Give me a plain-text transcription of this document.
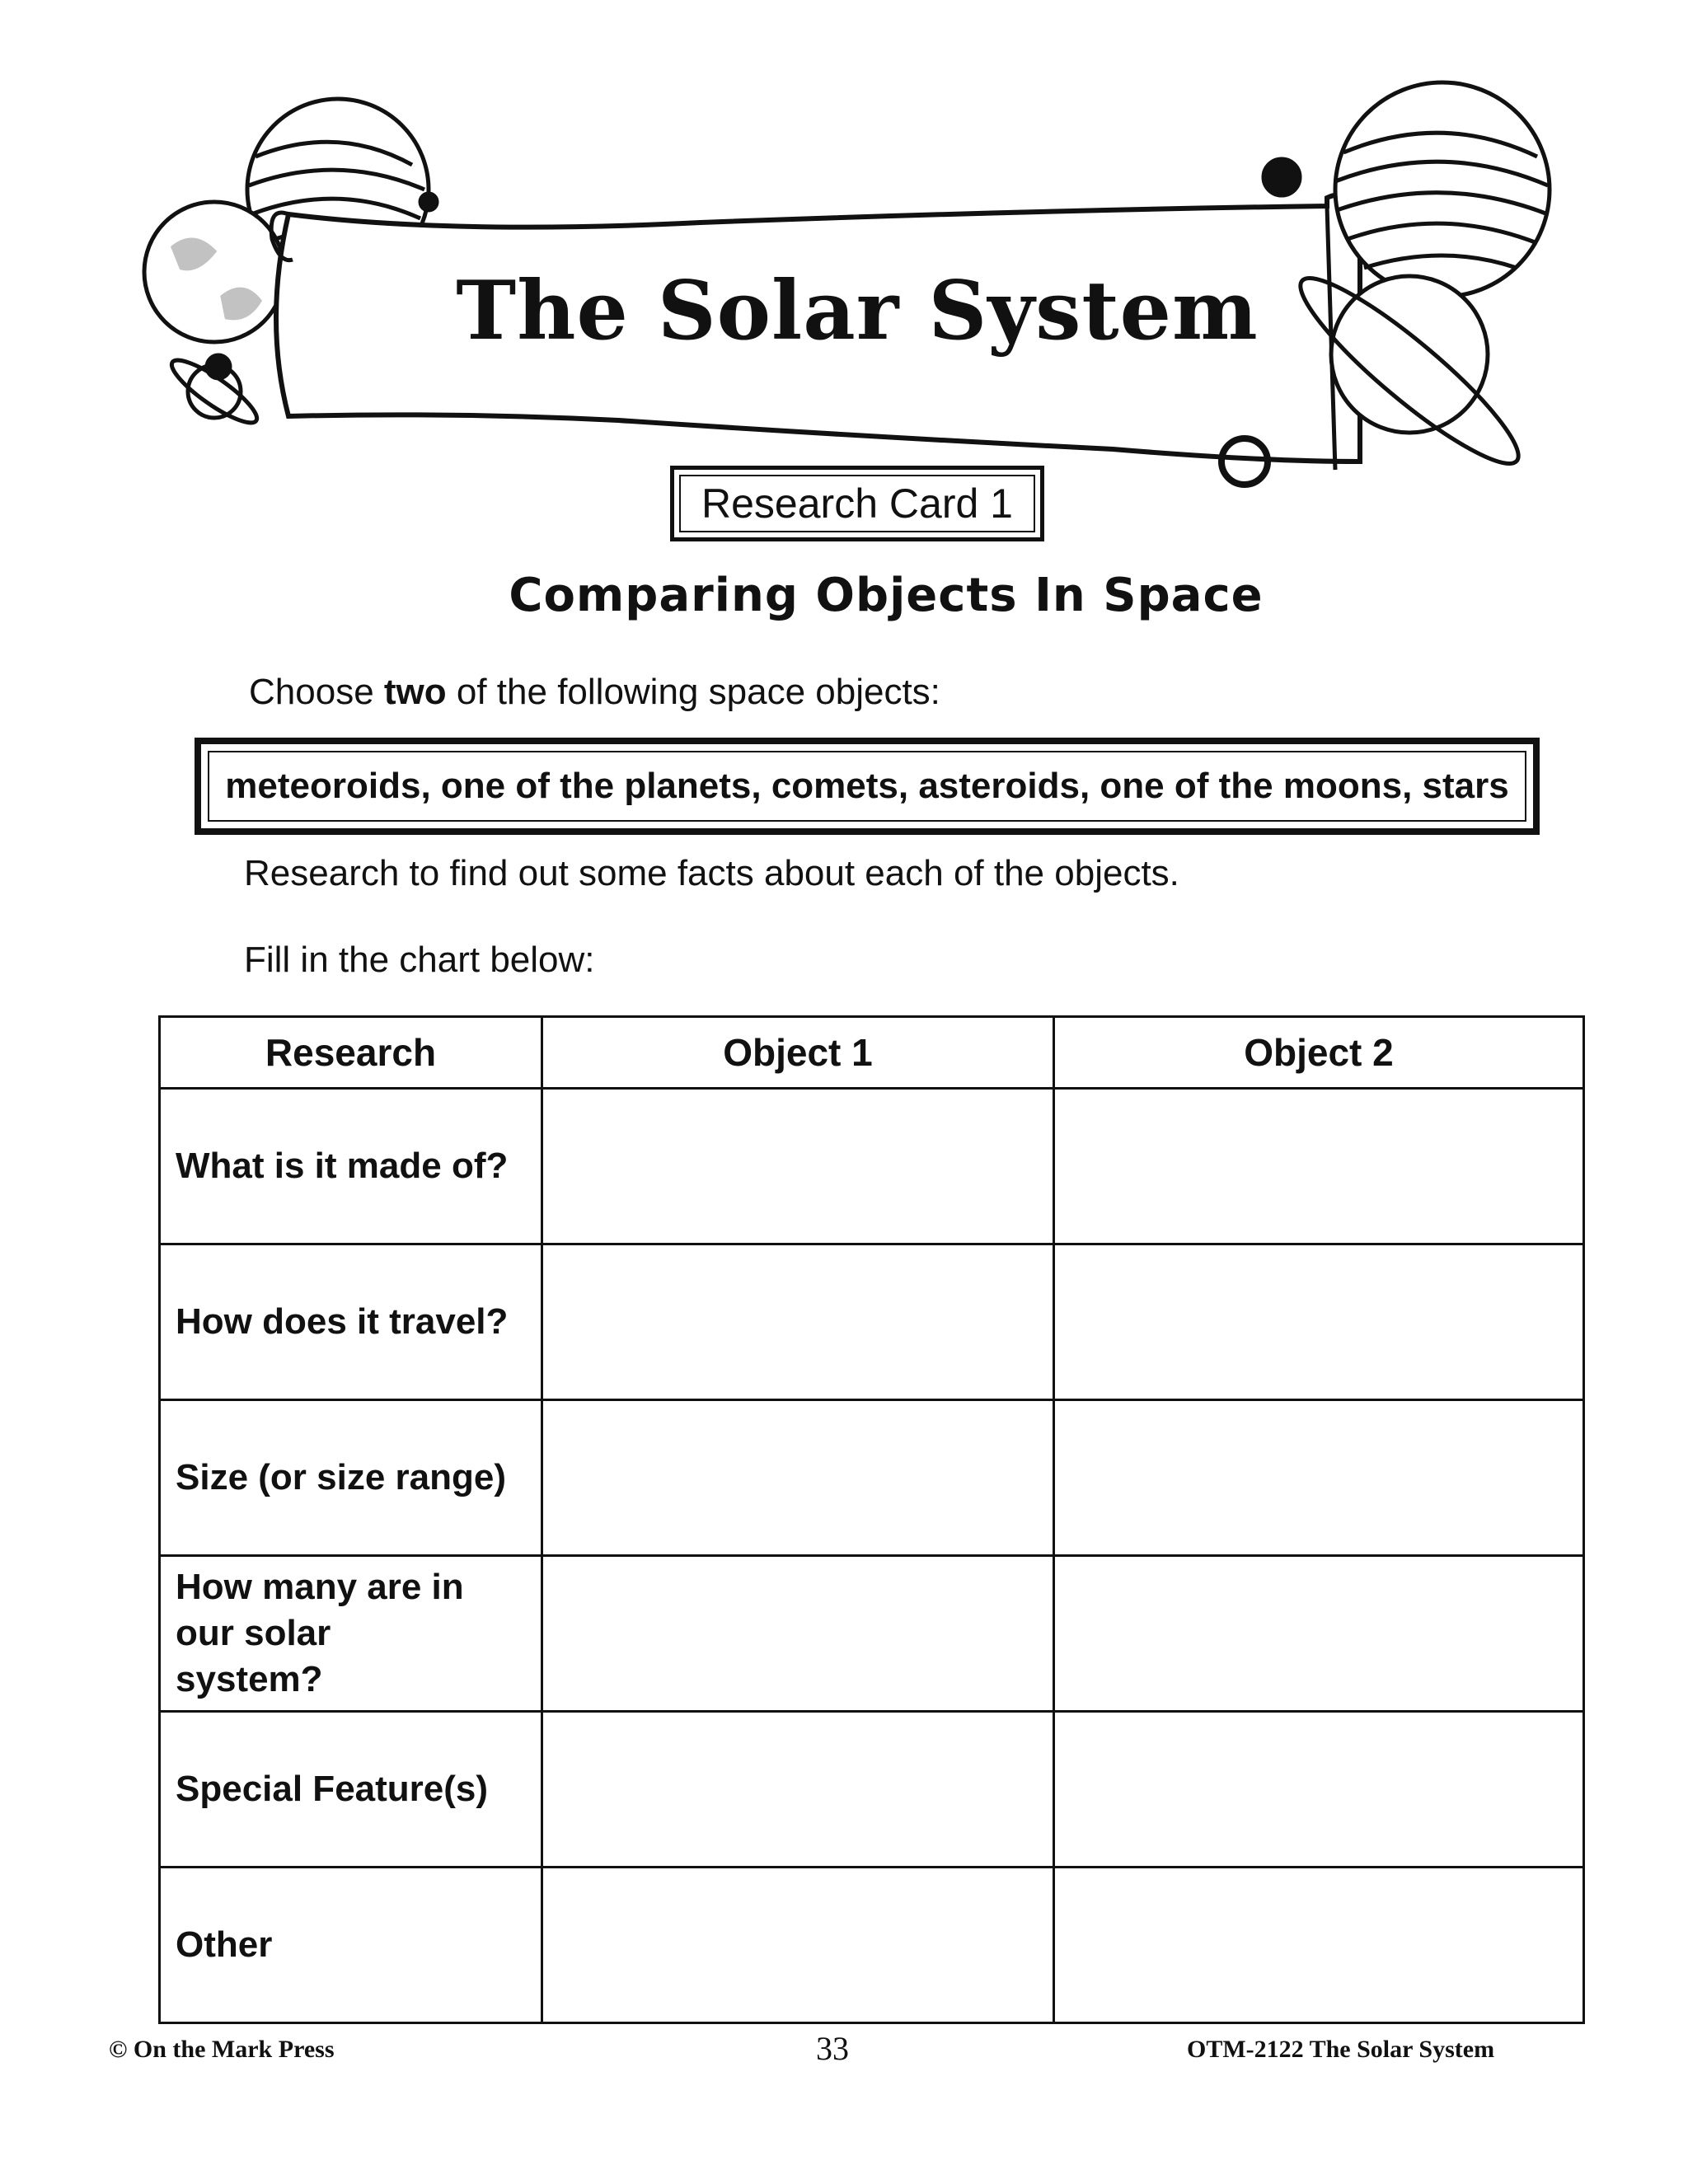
The Solar System
Research Card 1
Comparing Objects In Space
Choose two of the following space objects:
meteoroids, one of the planets, comets, asteroids, one of the moons, stars
Research to find out some facts about each of the objects.
Fill in the chart below:
Research	Object 1	Object 2
What is it made of?		
How does it travel?		
Size (or size range)		
How many are in our solar system?		
Special Feature(s)		
Other		
© On the Mark Press	33	OTM-2122 The Solar System
